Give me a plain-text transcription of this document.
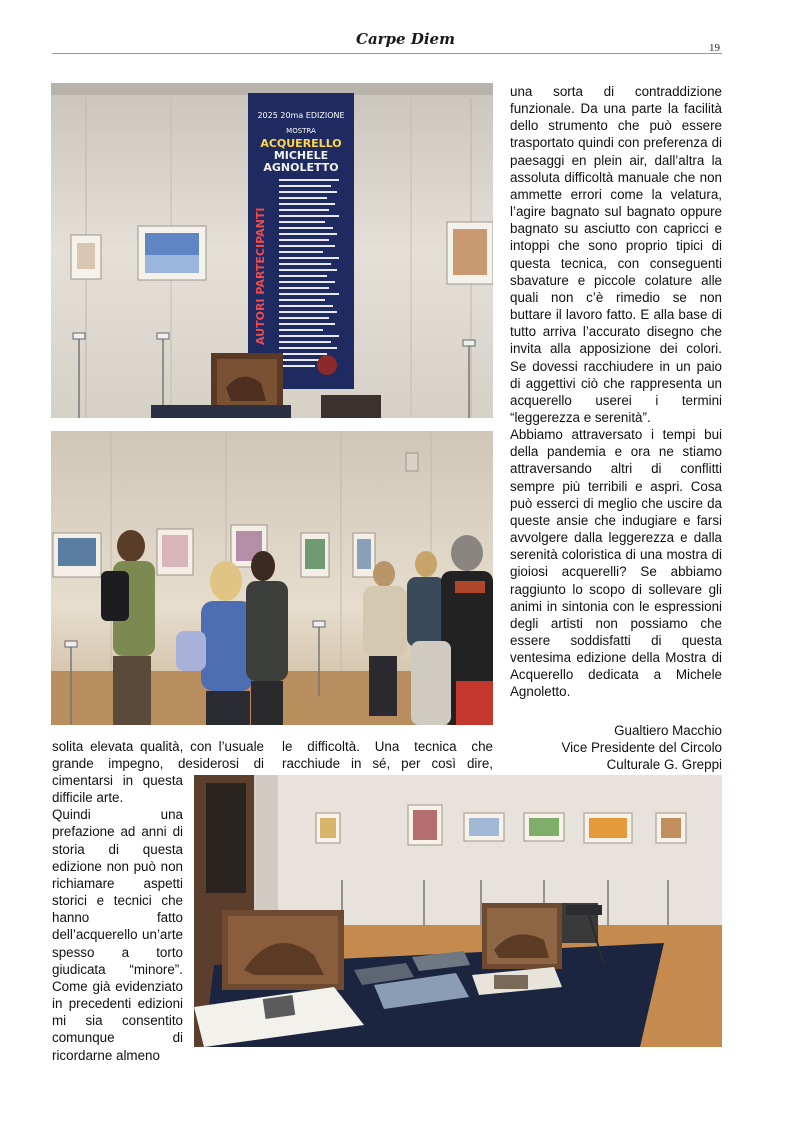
Carpe Diem	19
2025 20ma EDIZIONE
MOSTRA
ACQUERELLO
MICHELE
AGNOLETTO
AUTORI PARTECIPANTI

una sorta di contraddizione funzionale. Da una parte la facilità dello strumento che può essere trasportato quindi con preferenza di paesaggi en plein air, dall’altra la assoluta difficoltà manuale che non ammette errori come la velatura, l’agire bagnato sul bagnato oppure bagnato su asciutto con capricci e intoppi che sono proprio tipici di questa tecnica, con conseguenti sbavature e piccole colature alle quali non c’è rimedio se non buttare il lavoro fatto. E alla base di tutto arriva l’accurato disegno che invita alla apposizione dei colori. Se dovessi racchiudere in un paio di aggettivi ciò che rappresenta un acquerello userei i termini “leggerezza e serenità”.

Abbiamo attraversato i tempi bui della pandemia e ora ne stiamo attraversando altri di conflitti sempre più terribili e aspri. Cosa può esserci di meglio che uscire da queste ansie che indugiare e farsi avvolgere dalla leggerezza e dalla serenità coloristica di una mostra di gioiosi acquerelli? Se abbiamo raggiunto lo scopo di sollevare gli animi in sintonia con le espressioni degli artisti non possiamo che essere soddisfatti di questa ventesima edizione della Mostra di Acquerello dedicata a Michele Agnoletto.

Gualtiero Macchio
Vice Presidente del Circolo
Culturale G. Greppi
solita elevata qualità, con l’usuale grande impegno, desiderosi di
le difficoltà. Una tecnica che racchiude in sé, per così dire,

cimentarsi in questa difficile arte.

Quindi una prefazione ad anni di storia di questa edizione non può non richiamare aspetti storici e tecnici che hanno fatto dell’acquerello un’arte spesso a torto giudicata “minore”. Come già evidenziato in precedenti edizioni mi sia consentito comunque di ricordarne almeno
